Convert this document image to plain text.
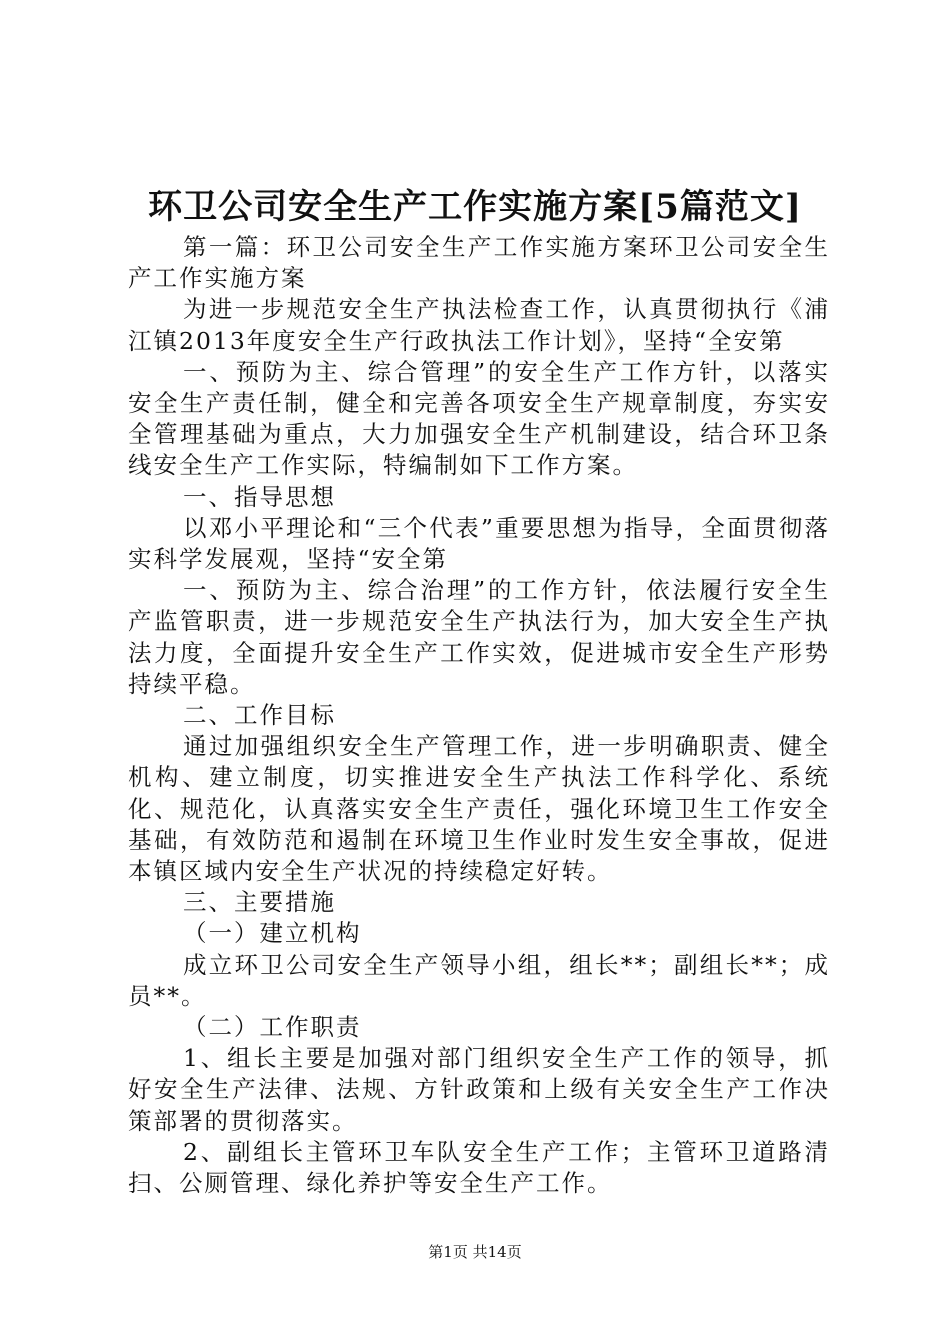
环卫公司安全生产工作实施方案[5篇范文]

第一篇：环卫公司安全生产工作实施方案环卫公司安全生产工作实施方案

为进一步规范安全生产执法检查工作，认真贯彻执行《浦江镇2013年度安全生产行政执法工作计划》，坚持“全安第

一、预防为主、综合管理”的安全生产工作方针，以落实安全生产责任制，健全和完善各项安全生产规章制度，夯实安全管理基础为重点，大力加强安全生产机制建设，结合环卫条线安全生产工作实际，特编制如下工作方案。

一、指导思想

以邓小平理论和“三个代表”重要思想为指导，全面贯彻落实科学发展观，坚持“安全第

一、预防为主、综合治理”的工作方针，依法履行安全生产监管职责，进一步规范安全生产执法行为，加大安全生产执法力度，全面提升安全生产工作实效，促进城市安全生产形势持续平稳。

二、工作目标

通过加强组织安全生产管理工作，进一步明确职责、健全机构、建立制度，切实推进安全生产执法工作科学化、系统化、规范化，认真落实安全生产责任，强化环境卫生工作安全基础，有效防范和遏制在环境卫生作业时发生安全事故，促进本镇区域内安全生产状况的持续稳定好转。

三、主要措施

（一）建立机构

成立环卫公司安全生产领导小组，组长**；副组长**；成员**。

（二）工作职责

1、组长主要是加强对部门组织安全生产工作的领导，抓好安全生产法律、法规、方针政策和上级有关安全生产工作决策部署的贯彻落实。

2、副组长主管环卫车队安全生产工作；主管环卫道路清扫、公厕管理、绿化养护等安全生产工作。

第1页 共14页
